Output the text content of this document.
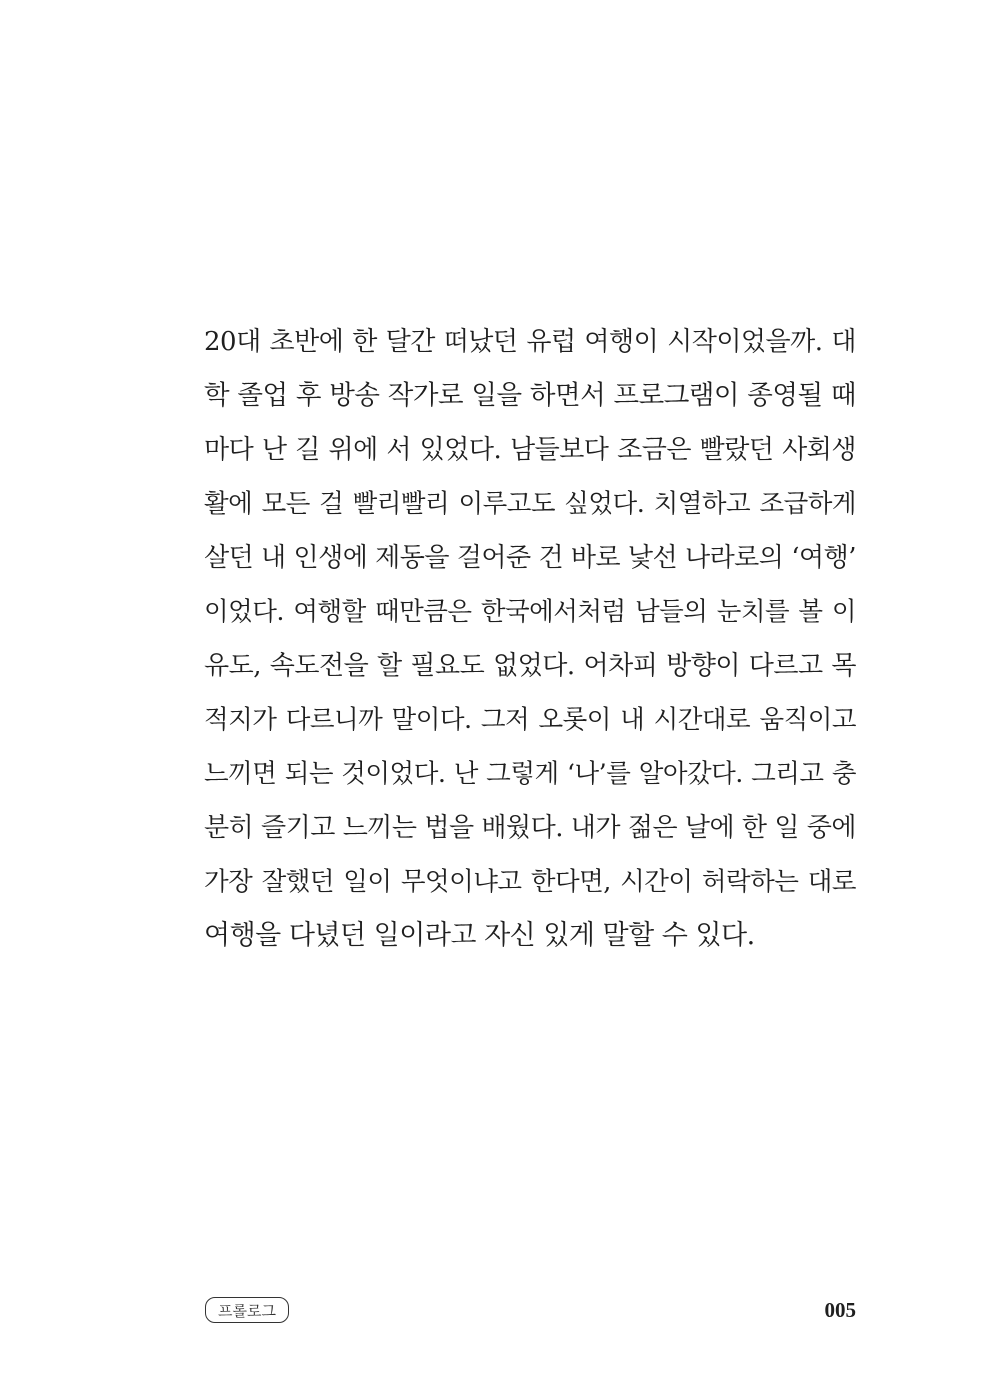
20대 초반에 한 달간 떠났던 유럽 여행이 시작이었을까. 대
학 졸업 후 방송 작가로 일을 하면서 프로그램이 종영될 때
마다 난 길 위에 서 있었다. 남들보다 조금은 빨랐던 사회생
활에 모든 걸 빨리빨리 이루고도 싶었다. 치열하고 조급하게
살던 내 인생에 제동을 걸어준 건 바로 낯선 나라로의 ‘여행’
이었다. 여행할 때만큼은 한국에서처럼 남들의 눈치를 볼 이
유도, 속도전을 할 필요도 없었다. 어차피 방향이 다르고 목
적지가 다르니까 말이다. 그저 오롯이 내 시간대로 움직이고
느끼면 되는 것이었다. 난 그렇게 ‘나’를 알아갔다. 그리고 충
분히 즐기고 느끼는 법을 배웠다. 내가 젊은 날에 한 일 중에
가장 잘했던 일이 무엇이냐고 한다면, 시간이 허락하는 대로
여행을 다녔던 일이라고 자신 있게 말할 수 있다.
프롤로그	005
